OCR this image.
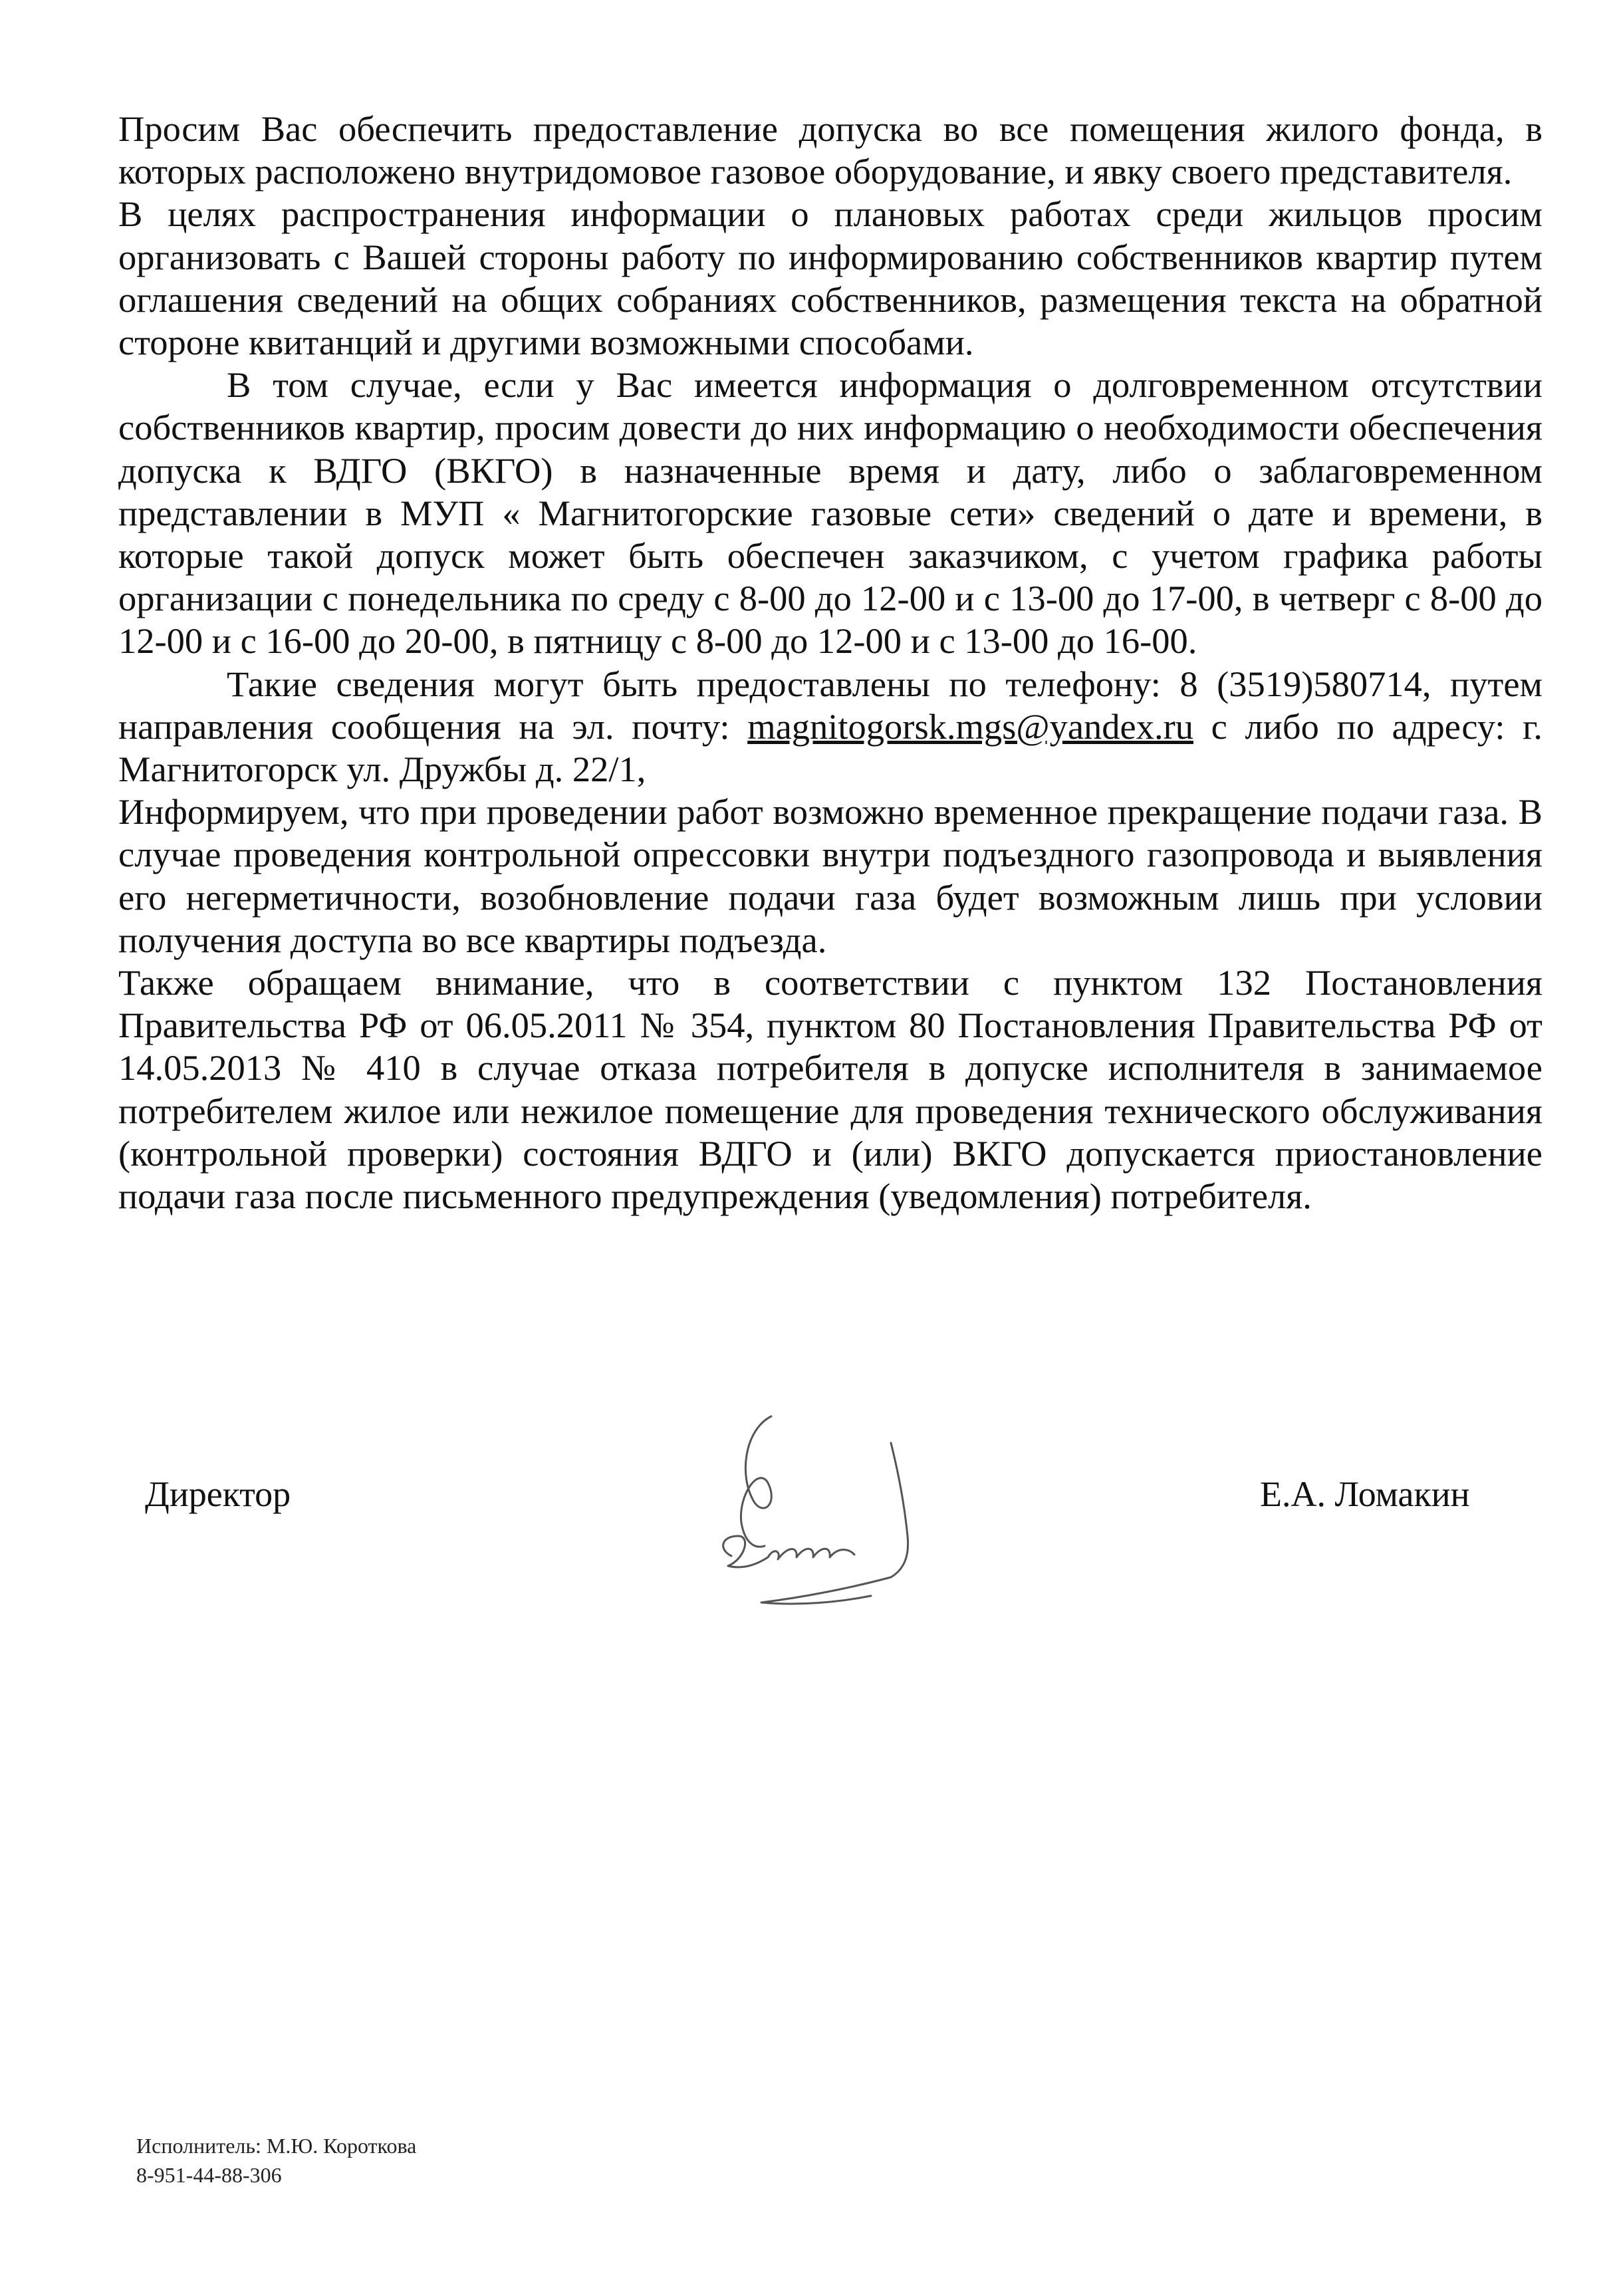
Просим Вас обеспечить предоставление допуска во все помещения жилого фонда, в которых расположено внутридомовое газовое оборудование, и явку своего представителя.

В целях распространения информации о плановых работах среди жильцов просим организовать с Вашей стороны работу по информированию собственников квартир путем оглашения сведений на общих собраниях собственников, размещения текста на обратной стороне квитанций и другими возможными способами.

В том случае, если у Вас имеется информация о долговременном отсутствии собственников квартир, просим довести до них информацию о необходимости обеспечения допуска к ВДГО (ВКГО) в назначенные время и дату, либо о заблаговременном представлении в МУП « Магнитогорские газовые сети» сведений о дате и времени, в которые такой допуск может быть обеспечен заказчиком, с учетом графика работы организации с понедельника по среду с 8-00 до 12-00 и с 13-00 до 17-00, в четверг с 8-00 до 12-00 и с 16-00 до 20-00, в пятницу с 8-00 до 12-00 и с 13-00 до 16-00.

Такие сведения могут быть предоставлены по телефону: 8 (3519)580714, путем направления сообщения на эл. почту: magnitogorsk.mgs@yandex.ru с либо по адресу: г. Магнитогорск ул. Дружбы д. 22/1,

Информируем, что при проведении работ возможно временное прекращение подачи газа. В случае проведения контрольной опрессовки внутри подъездного газопровода и выявления его негерметичности, возобновление подачи газа будет возможным лишь при условии получения доступа во все квартиры подъезда.

Также обращаем внимание, что в соответствии с пунктом 132 Постановления Правительства РФ от 06.05.2011 № 354, пунктом 80 Постановления Правительства РФ от 14.05.2013 № 410 в случае отказа потребителя в допуске исполнителя в занимаемое потребителем жилое или нежилое помещение для проведения технического обслуживания (контрольной проверки) состояния ВДГО и (или) ВКГО допускается приостановление подачи газа после письменного предупреждения (уведомления) потребителя.

Директор	Е.А. Ломакин
Исполнитель: М.Ю. Короткова
8-951-44-88-306
